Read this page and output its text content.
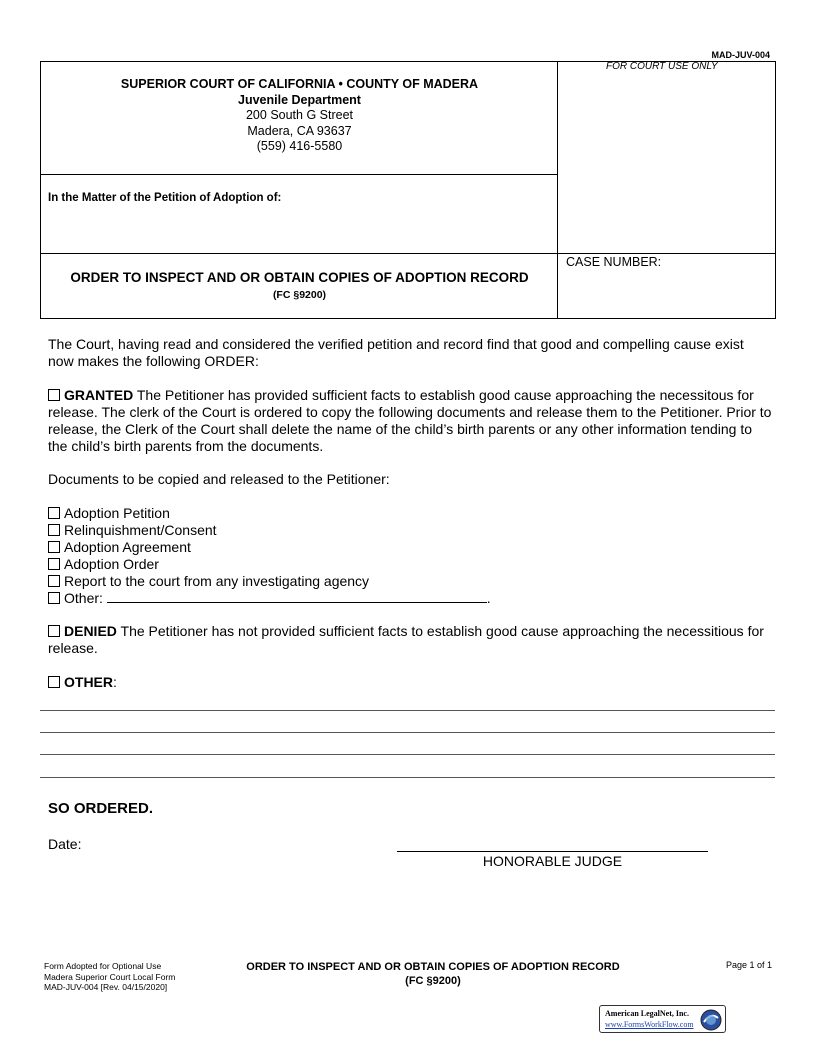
MAD-JUV-004
SUPERIOR COURT OF CALIFORNIA • COUNTY OF MADERA
Juvenile Department
200 South G Street
Madera, CA 93637
(559) 416-5580
FOR COURT USE ONLY
In the Matter of the Petition of Adoption of:
CASE NUMBER:
ORDER TO INSPECT AND OR OBTAIN COPIES OF ADOPTION RECORD
(FC §9200)
The Court, having read and considered the verified petition and record find that good and compelling cause exist now makes the following ORDER:
GRANTED The Petitioner has provided sufficient facts to establish good cause approaching the necessitous for release. The clerk of the Court is ordered to copy the following documents and release them to the Petitioner. Prior to release, the Clerk of the Court shall delete the name of the child’s birth parents or any other information tending to the child’s birth parents from the documents.
Documents to be copied and released to the Petitioner:
Adoption Petition
Relinquishment/Consent
Adoption Agreement
Adoption Order
Report to the court from any investigating agency
Other:	.
DENIED The Petitioner has not provided sufficient facts to establish good cause approaching the necessitious for release.
OTHER:
SO ORDERED.
Date:
HONORABLE JUDGE
Form Adopted for Optional Use
Madera Superior Court Local Form
MAD-JUV-004 [Rev. 04/15/2020]
ORDER TO INSPECT AND OR OBTAIN COPIES OF ADOPTION RECORD
(FC §9200)
Page 1 of 1
American LegalNet, Inc.
www.FormsWorkFlow.com
